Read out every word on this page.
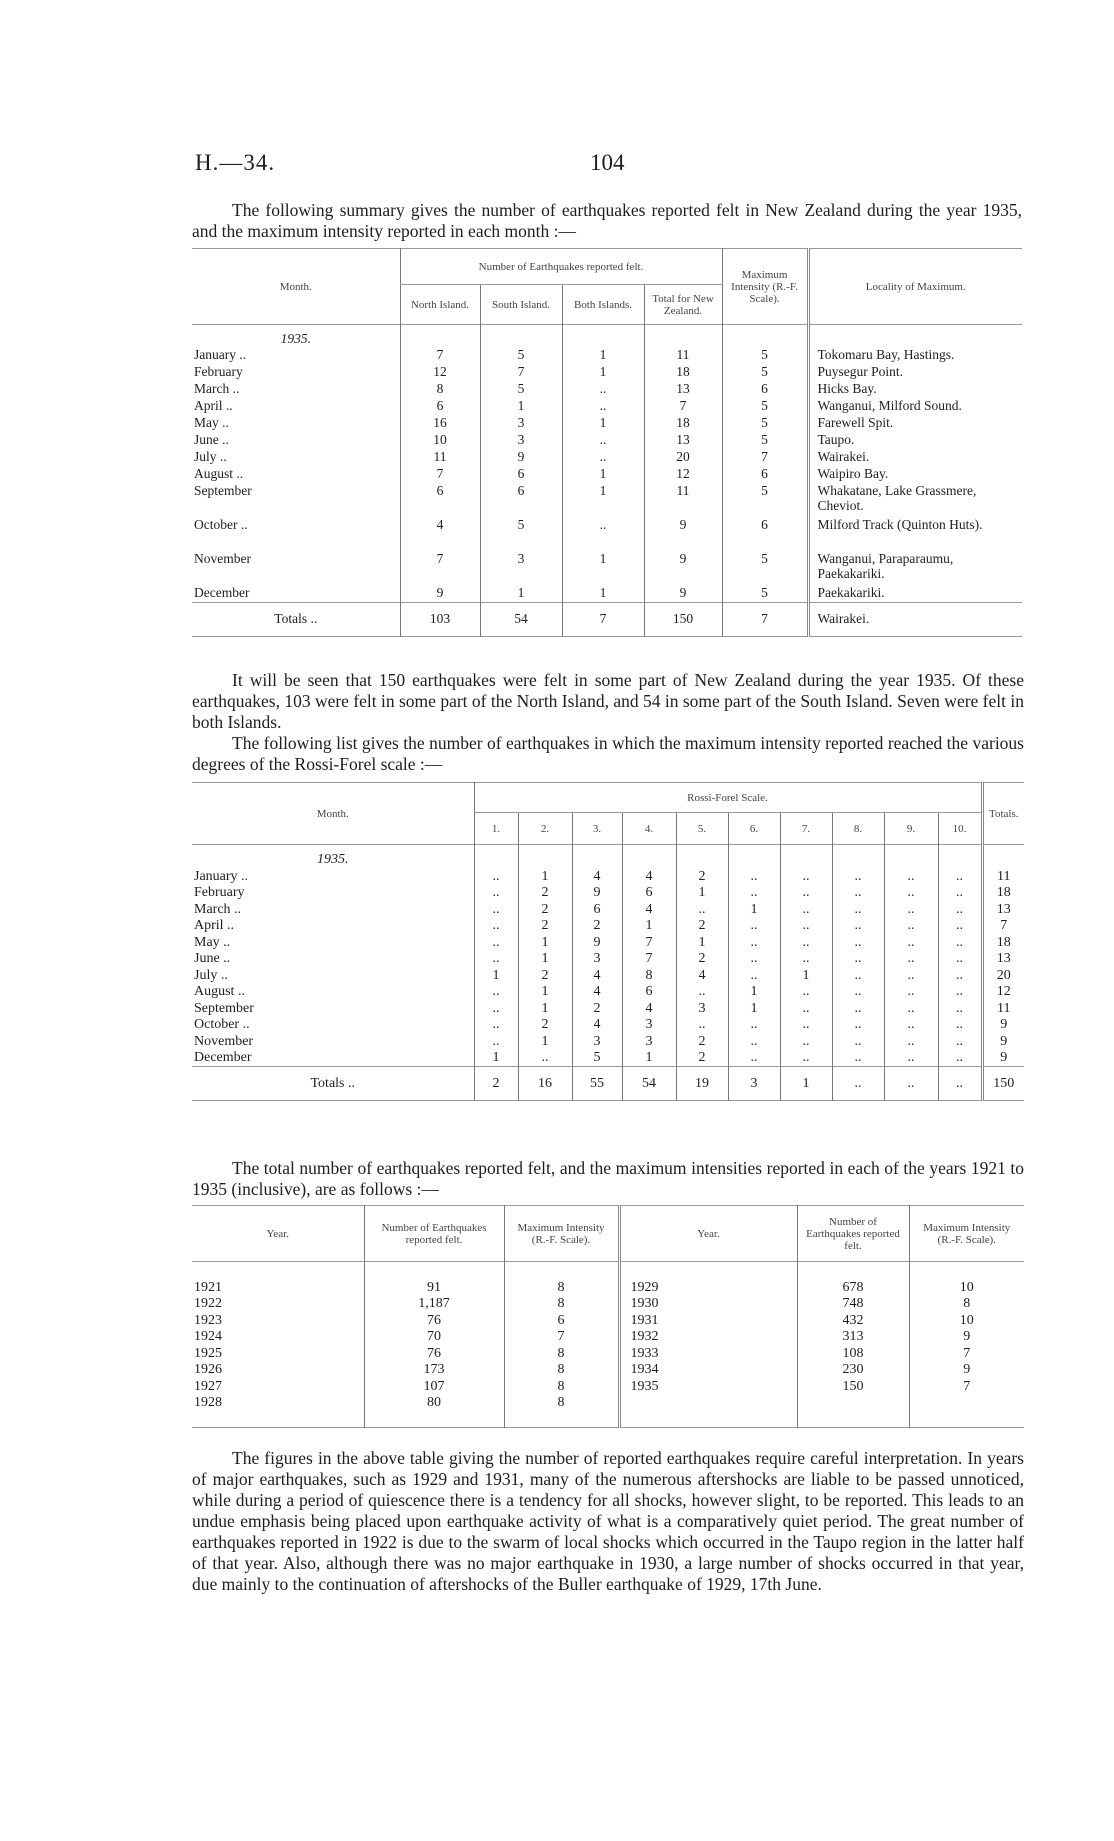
H.—34.	104
The following summary gives the number of earthquakes reported felt in New Zealand during the year 1935, and the maximum intensity reported in each month :—
Month.	Number of Earthquakes reported felt.				Maximum Intensity (R.-F. Scale).	Locality of Maximum.
	North Island.	South Island.	Both Islands.	Total for New Zealand.		
1935.						
January ..	7	5	1	11	5	Tokomaru Bay, Hastings.
February	12	7	1	18	5	Puysegur Point.
March ..	8	5	..	13	6	Hicks Bay.
April ..	6	1	..	7	5	Wanganui, Milford Sound.
May ..	16	3	1	18	5	Farewell Spit.
June ..	10	3	..	13	5	Taupo.
July ..	11	9	..	20	7	Wairakei.
August ..	7	6	1	12	6	Waipiro Bay.
September	6	6	1	11	5	Whakatane, Lake Grassmere, Cheviot.
October ..	4	5	..	9	6	Milford Track (Quinton Huts).
November	7	3	1	9	5	Wanganui, Paraparaumu, Paekakariki.
December	9	1	1	9	5	Paekakariki.
Totals ..	103	54	7	150	7	Wairakei.
It will be seen that 150 earthquakes were felt in some part of New Zealand during the year 1935. Of these earthquakes, 103 were felt in some part of the North Island, and 54 in some part of the South Island. Seven were felt in both Islands.
The following list gives the number of earthquakes in which the maximum intensity reported reached the various degrees of the Rossi-Forel scale :—
Month.	Rossi-Forel Scale.										Totals.
	1.	2.	3.	4.	5.	6.	7.	8.	9.	10.	
1935.											
January ..	..	1	4	4	2	..	..	..	..	..	11
February	..	2	9	6	1	..	..	..	..	..	18
March ..	..	2	6	4	..	1	..	..	..	..	13
April ..	..	2	2	1	2	..	..	..	..	..	7
May ..	..	1	9	7	1	..	..	..	..	..	18
June ..	..	1	3	7	2	..	..	..	..	..	13
July ..	1	2	4	8	4	..	1	..	..	..	20
August ..	..	1	4	6	..	1	..	..	..	..	12
September	..	1	2	4	3	1	..	..	..	..	11
October ..	..	2	4	3	..	..	..	..	..	..	9
November	..	1	3	3	2	..	..	..	..	..	9
December	1	..	5	1	2	..	..	..	..	..	9
Totals ..	2	16	55	54	19	3	1	..	..	..	150
The total number of earthquakes reported felt, and the maximum intensities reported in each of the years 1921 to 1935 (inclusive), are as follows :—
Year.	Number of Earthquakes reported felt.	Maximum Intensity (R.-F. Scale).	Year.	Number of Earthquakes reported felt.	Maximum Intensity (R.-F. Scale).

1921	91	8	1929	678	10
1922	1,187	8	1930	748	8
1923	76	6	1931	432	10
1924	70	7	1932	313	9
1925	76	8	1933	108	7
1926	173	8	1934	230	9
1927	107	8	1935	150	7
1928	80	8			

The figures in the above table giving the number of reported earthquakes require careful interpretation. In years of major earthquakes, such as 1929 and 1931, many of the numerous aftershocks are liable to be passed unnoticed, while during a period of quiescence there is a tendency for all shocks, however slight, to be reported. This leads to an undue emphasis being placed upon earthquake activity of what is a comparatively quiet period. The great number of earthquakes reported in 1922 is due to the swarm of local shocks which occurred in the Taupo region in the latter half of that year. Also, although there was no major earthquake in 1930, a large number of shocks occurred in that year, due mainly to the continuation of aftershocks of the Buller earthquake of 1929, 17th June.
